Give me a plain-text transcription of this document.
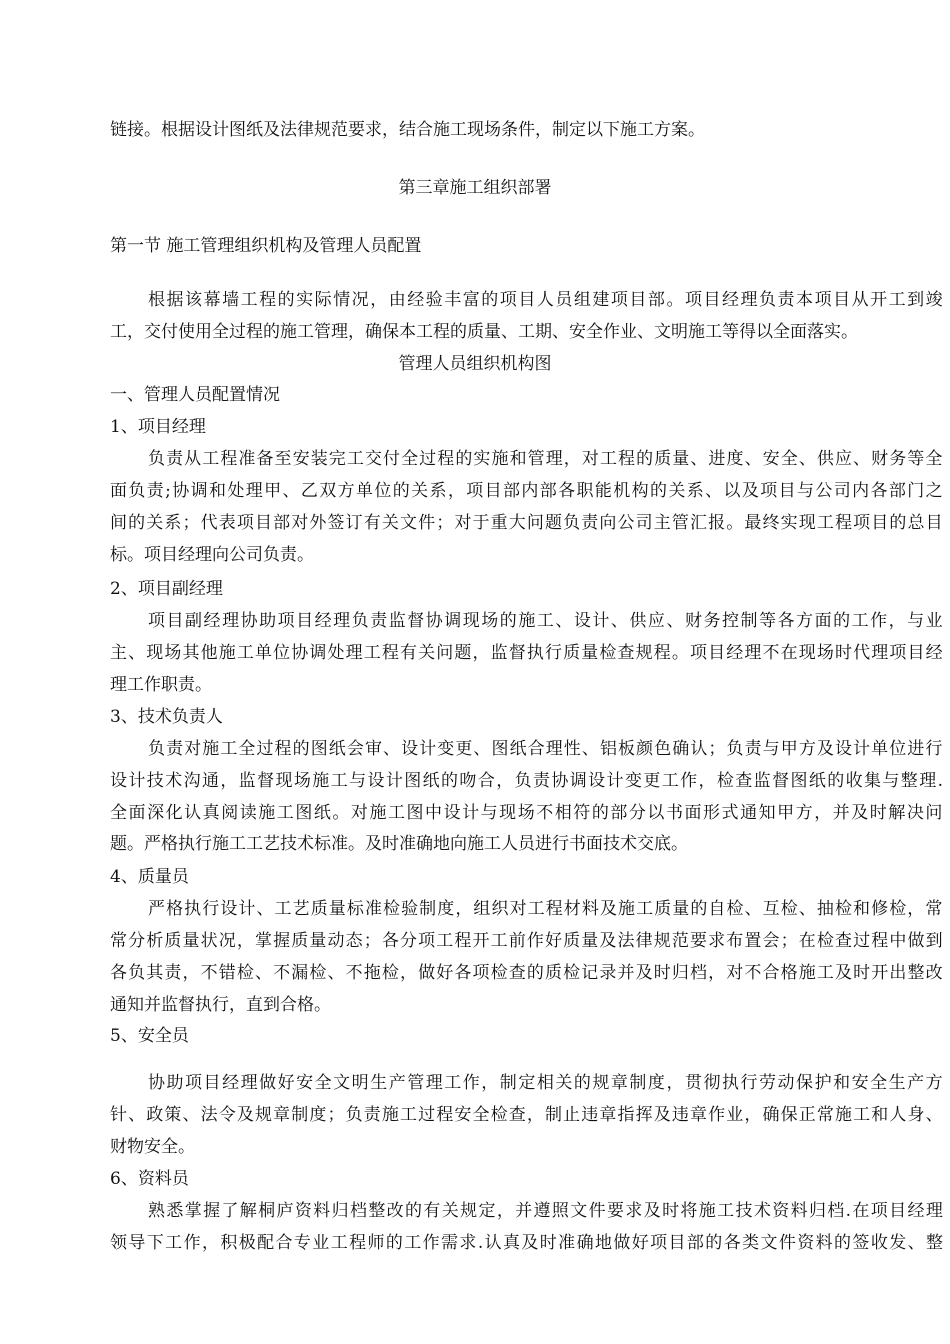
链接。根据设计图纸及法律规范要求，结合施工现场条件，制定以下施工方案。
第三章施工组织部署
第一节 施工管理组织机构及管理人员配置
根 据 该 幕 墙 工 程 的 实 际 情 况 ， 由 经 验 丰 富 的 项 目 人 员 组 建 项 目 部 。 项 目 经 理 负 责 本 项 目 从 开 工 到 竣
工，交付使用全过程的施工管理，确保本工程的质量、工期、安全作业、文明施工等得以全面落实。
管理人员组织机构图
一、管理人员配置情况
1、项目经理
负 责 从 工 程 准 备 至 安 装 完 工 交 付 全 过 程 的 实 施 和 管 理 ， 对 工 程 的 质 量 、 进 度 、 安 全 、 供 应 、 财 务 等 全
面 负 责 ; 协 调 和 处 理 甲 、 乙 双 方 单 位 的 关 系 ， 项 目 部 内 部 各 职 能 机 构 的 关 系 、 以 及 项 目 与 公 司 内 各 部 门 之
间 的 关 系 ； 代 表 项 目 部 对 外 签 订 有 关 文 件 ； 对 于 重 大 问 题 负 责 向 公 司 主 管 汇 报 。 最 终 实 现 工 程 项 目 的 总 目
标。项目经理向公司负责。
2、项目副经理
项 目 副 经 理 协 助 项 目 经 理 负 责 监 督 协 调 现 场 的 施 工 、 设 计 、 供 应 、 财 务 控 制 等 各 方 面 的 工 作 ， 与 业
主 、 现 场 其 他 施 工 单 位 协 调 处 理 工 程 有 关 问 题 ， 监 督 执 行 质 量 检 查 规 程 。 项 目 经 理 不 在 现 场 时 代 理 项 目 经
理工作职责。
3、技术负责人
负 责 对 施 工 全 过 程 的 图 纸 会 审 、 设 计 变 更 、 图 纸 合 理 性 、 铝 板 颜 色 确 认 ； 负 责 与 甲 方 及 设 计 单 位 进 行
设 计 技 术 沟 通 ， 监 督 现 场 施 工 与 设 计 图 纸 的 吻 合 ， 负 责 协 调 设 计 变 更 工 作 ， 检 查 监 督 图 纸 的 收 集 与 整 理 .
全 面 深 化 认 真 阅 读 施 工 图 纸 。 对 施 工 图 中 设 计 与 现 场 不 相 符 的 部 分 以 书 面 形 式 通 知 甲 方 ， 并 及 时 解 决 问
题。严格执行施工工艺技术标准。及时准确地向施工人员进行书面技术交底。
4、质量员
严 格 执 行 设 计 、 工 艺 质 量 标 准 检 验 制 度 ， 组 织 对 工 程 材 料 及 施 工 质 量 的 自 检 、 互 检 、 抽 检 和 修 检 ， 常
常 分 析 质 量 状 况 ， 掌 握 质 量 动 态 ； 各 分 项 工 程 开 工 前 作 好 质 量 及 法 律 规 范 要 求 布 置 会 ； 在 检 查 过 程 中 做 到
各 负 其 责 ， 不 错 检 、 不 漏 检 、 不 拖 检 ， 做 好 各 项 检 查 的 质 检 记 录 并 及 时 归 档 ， 对 不 合 格 施 工 及 时 开 出 整 改
通知并监督执行，直到合格。
5、安全员
协 助 项 目 经 理 做 好 安 全 文 明 生 产 管 理 工 作 ， 制 定 相 关 的 规 章 制 度 ， 贯 彻 执 行 劳 动 保 护 和 安 全 生 产 方
针 、 政 策 、 法 令 及 规 章 制 度 ； 负 责 施 工 过 程 安 全 检 查 ， 制 止 违 章 指 挥 及 违 章 作 业 ， 确 保 正 常 施 工 和 人 身 、
财物安全。
6、资料员
熟 悉 掌 握 了 解 桐 庐 资 料 归 档 整 改 的 有 关 规 定 ， 并 遵 照 文 件 要 求 及 时 将 施 工 技 术 资 料 归 档 . 在 项 目 经 理
领 导 下 工 作 ， 积 极 配 合 专 业 工 程 师 的 工 作 需 求 . 认 真 及 时 准 确 地 做 好 项 目 部 的 各 类 文 件 资 料 的 签 收 发 、 整
